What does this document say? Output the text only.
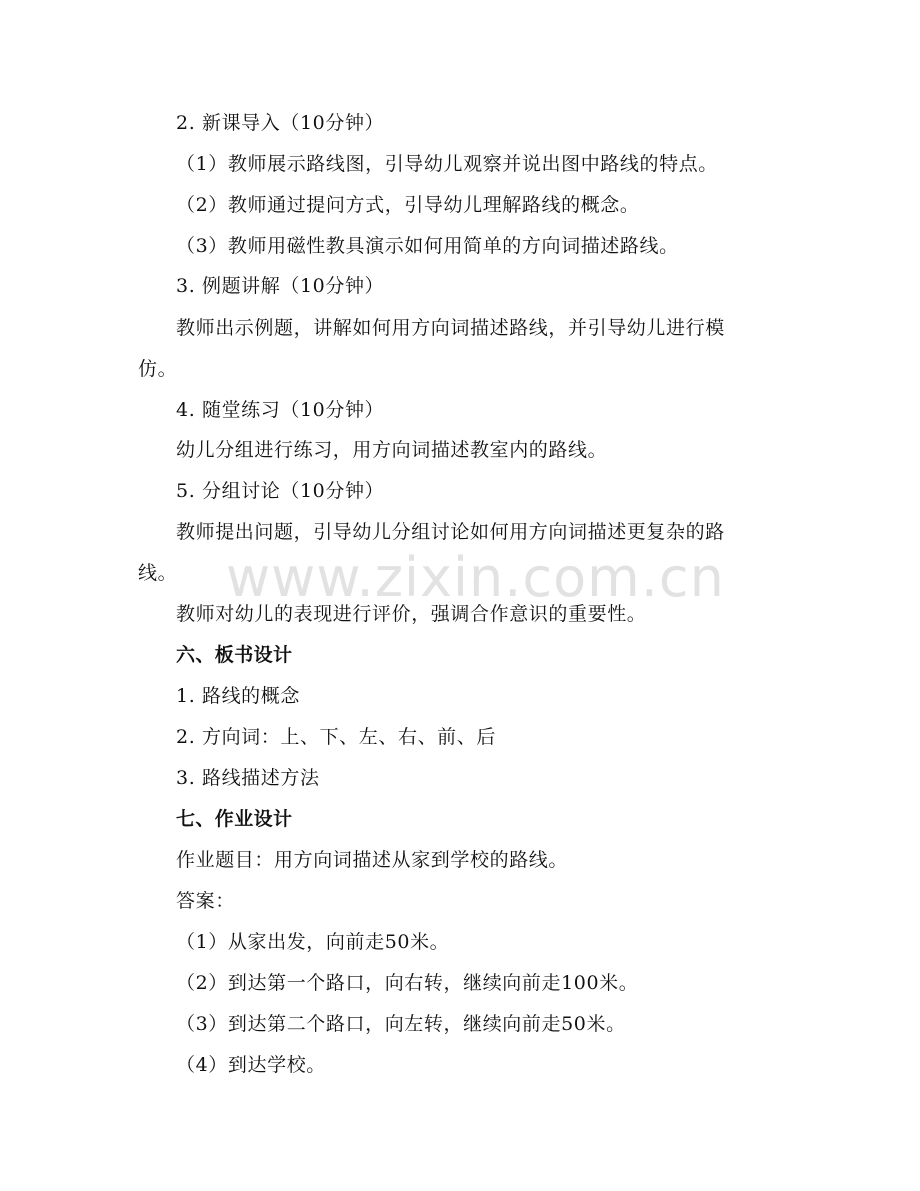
2. 新课导入（10分钟）
（1）教师展示路线图，引导幼儿观察并说出图中路线的特点。
（2）教师通过提问方式，引导幼儿理解路线的概念。
（3）教师用磁性教具演示如何用简单的方向词描述路线。
3. 例题讲解（10分钟）
教师出示例题，讲解如何用方向词描述路线，并引导幼儿进行模
仿。
4. 随堂练习（10分钟）
幼儿分组进行练习，用方向词描述教室内的路线。
5. 分组讨论（10分钟）
教师提出问题，引导幼儿分组讨论如何用方向词描述更复杂的路
线。
教师对幼儿的表现进行评价，强调合作意识的重要性。
六、板书设计
1. 路线的概念
2. 方向词：上、下、左、右、前、后
3. 路线描述方法
七、作业设计
作业题目：用方向词描述从家到学校的路线。
答案：
（1）从家出发，向前走50米。
（2）到达第一个路口，向右转，继续向前走100米。
（3）到达第二个路口，向左转，继续向前走50米。
（4）到达学校。
www.zixin.com.cn
